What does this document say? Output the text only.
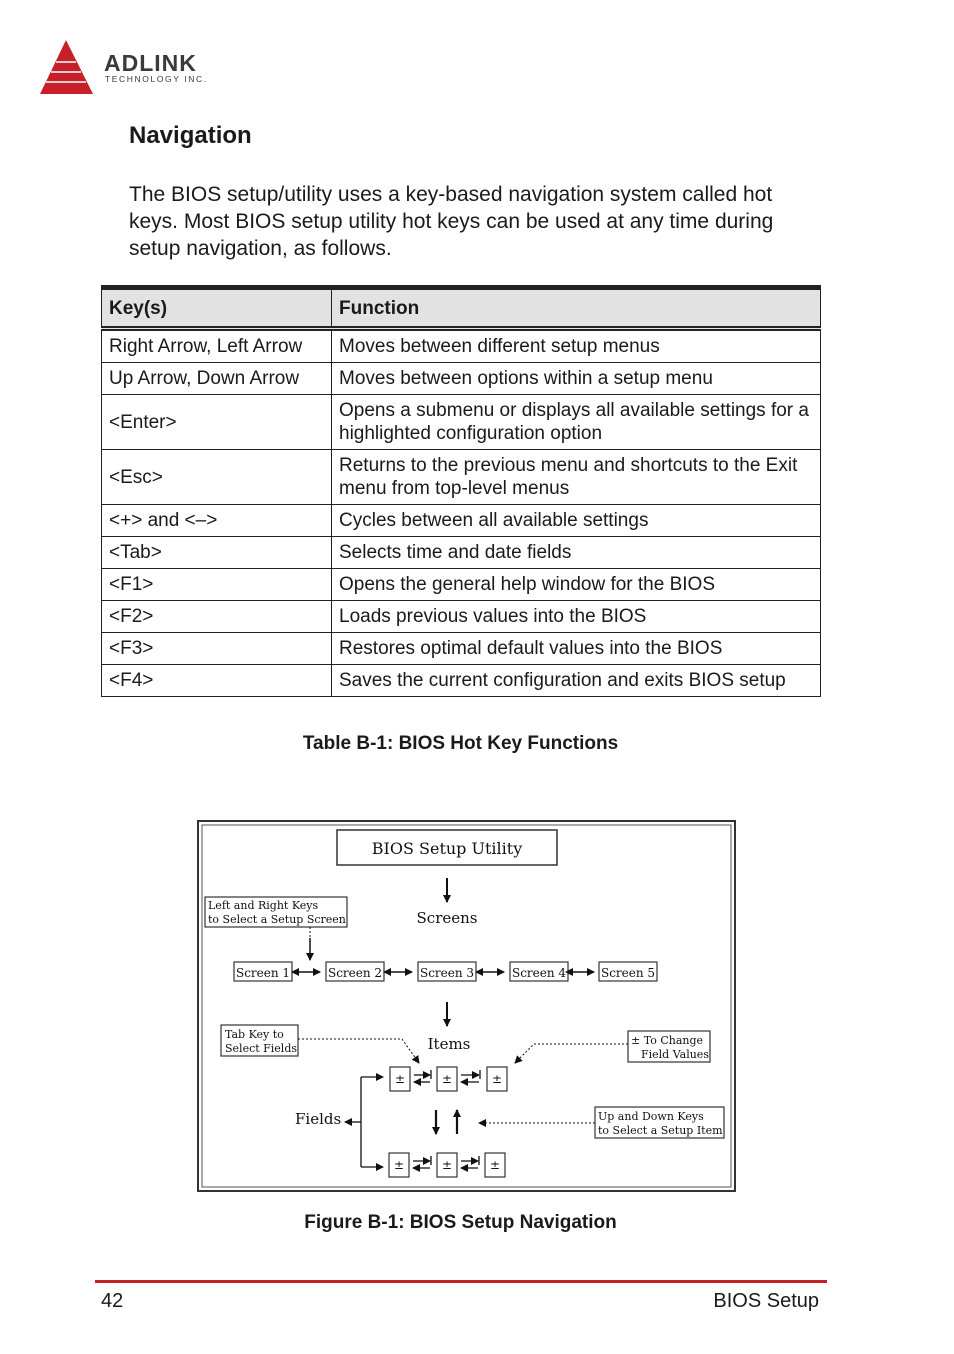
ADLINK
TECHNOLOGY INC.
Navigation

The BIOS setup/utility uses a key-based navigation system called hot keys. Most BIOS setup utility hot keys can be used at any time during setup navigation, as follows.

Key(s)	Function
Right Arrow, Left Arrow	Moves between different setup menus
Up Arrow, Down Arrow	Moves between options within a setup menu
<Enter>	Opens a submenu or displays all available settings for a highlighted configuration option
<Esc>	Returns to the previous menu and shortcuts to the Exit menu from top-level menus
<+> and <–>	Cycles between all available settings
<Tab>	Selects time and date fields
<F1>	Opens the general help window for the BIOS
<F2>	Loads previous values into the BIOS
<F3>	Restores optimal default values into the BIOS
<F4>	Saves the current configuration and exits BIOS setup

Table B-1: BIOS Hot Key Functions

BIOS Setup Utility
Screens
Left and Right Keys
to Select a Setup Screen
Screen 1	Screen 2	Screen 3	Screen 4	Screen 5
Items
Tab Key to
Select Fields
± To Change
Field Values
±	±	±
Fields	Up and Down Keys
to Select a Setup Item
±	±	±

Figure B-1: BIOS Setup Navigation

42	BIOS Setup
